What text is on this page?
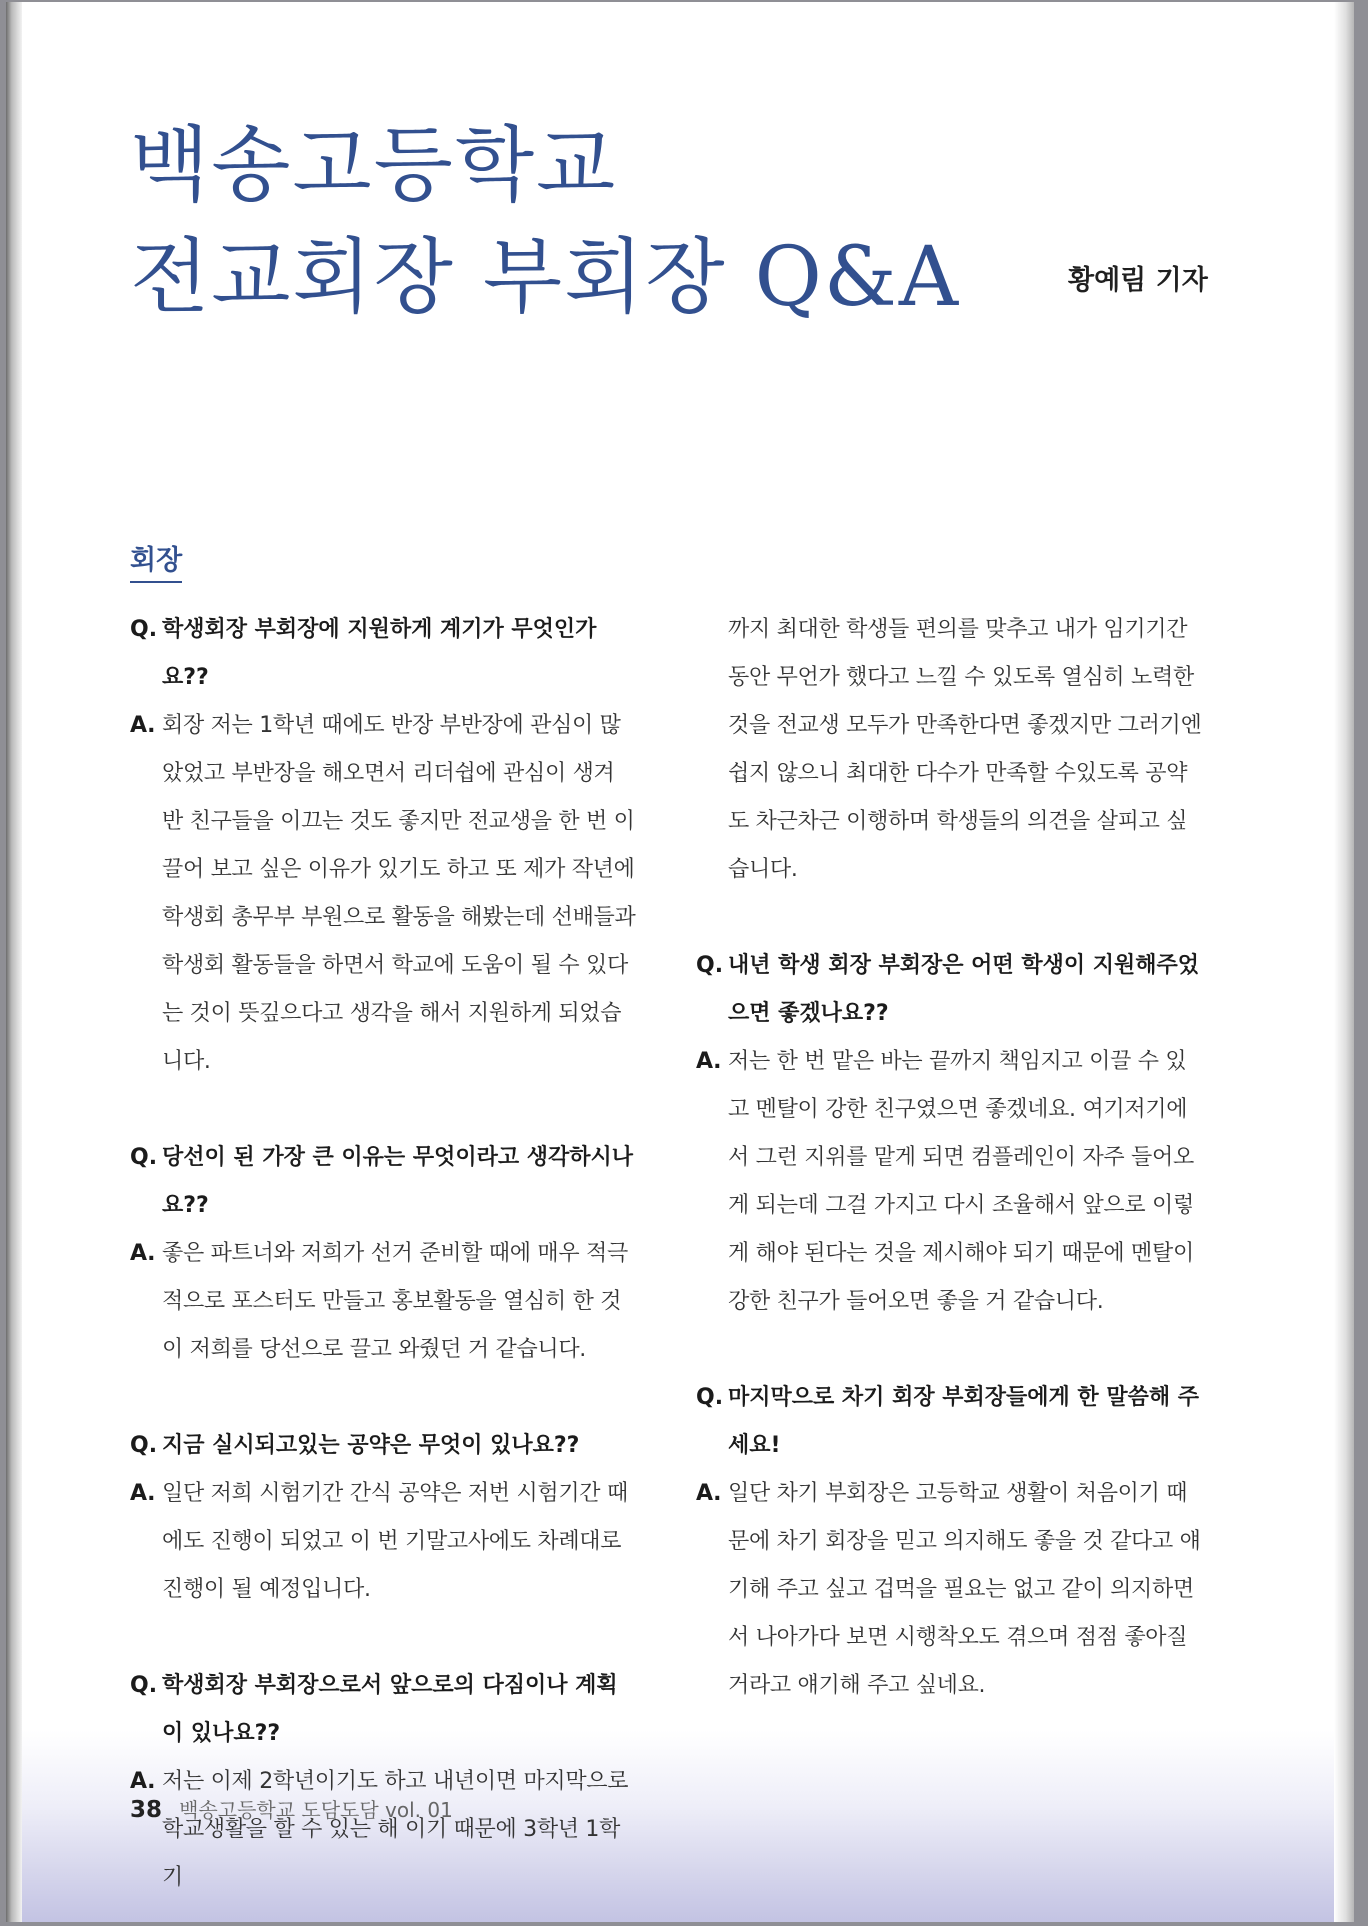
백송고등학교
전교회장 부회장 Q&A	황예림 기자
회장
Q. 학생회장 부회장에 지원하게 계기가 무엇인가요??
A. 회장 저는 1학년 때에도 반장 부반장에 관심이 많았었고 부반장을 해오면서 리더쉽에 관심이 생겨 반 친구들을 이끄는 것도 좋지만 전교생을 한 번 이끌어 보고 싶은 이유가 있기도 하고 또 제가 작년에 학생회 총무부 부원으로 활동을 해봤는데 선배들과 학생회 활동들을 하면서 학교에 도움이 될 수 있다는 것이 뜻깊으다고 생각을 해서 지원하게 되었습니다.
Q. 당선이 된 가장 큰 이유는 무엇이라고 생각하시나요??
A. 좋은 파트너와 저희가 선거 준비할 때에 매우 적극적으로 포스터도 만들고 홍보활동을 열심히 한 것이 저희를 당선으로 끌고 와줬던 거 같습니다.
Q. 지금 실시되고있는 공약은 무엇이 있나요??
A. 일단 저희 시험기간 간식 공약은 저번 시험기간 때에도 진행이 되었고 이 번 기말고사에도 차례대로 진행이 될 예정입니다.
Q. 학생회장 부회장으로서 앞으로의 다짐이나 계획이 있나요??
A. 저는 이제 2학년이기도 하고 내년이면 마지막으로 학교생활을 할 수 있는 해 이기 때문에 3학년 1학기
까지 최대한 학생들 편의를 맞추고 내가 임기기간 동안 무언가 했다고 느낄 수 있도록 열심히 노력한 것을 전교생 모두가 만족한다면 좋겠지만 그러기엔 쉽지 않으니 최대한 다수가 만족할 수있도록 공약도 차근차근 이행하며 학생들의 의견을 살피고 싶습니다.
Q. 내년 학생 회장 부회장은 어떤 학생이 지원해주었으면 좋겠나요??
A. 저는 한 번 맡은 바는 끝까지 책임지고 이끌 수 있고 멘탈이 강한 친구였으면 좋겠네요. 여기저기에서 그런 지위를 맡게 되면 컴플레인이 자주 들어오게 되는데 그걸 가지고 다시 조율해서 앞으로 이렇게 해야 된다는 것을 제시해야 되기 때문에 멘탈이 강한 친구가 들어오면 좋을 거 같습니다.
Q. 마지막으로 차기 회장 부회장들에게 한 말씀해 주세요!
A. 일단 차기 부회장은 고등학교 생활이 처음이기 때문에 차기 회장을 믿고 의지해도 좋을 것 같다고 얘기해 주고 싶고 겁먹을 필요는 없고 같이 의지하면서 나아가다 보면 시행착오도 겪으며 점점 좋아질 거라고 얘기해 주고 싶네요.
38 백송고등학교 도담도담 vol. 01
